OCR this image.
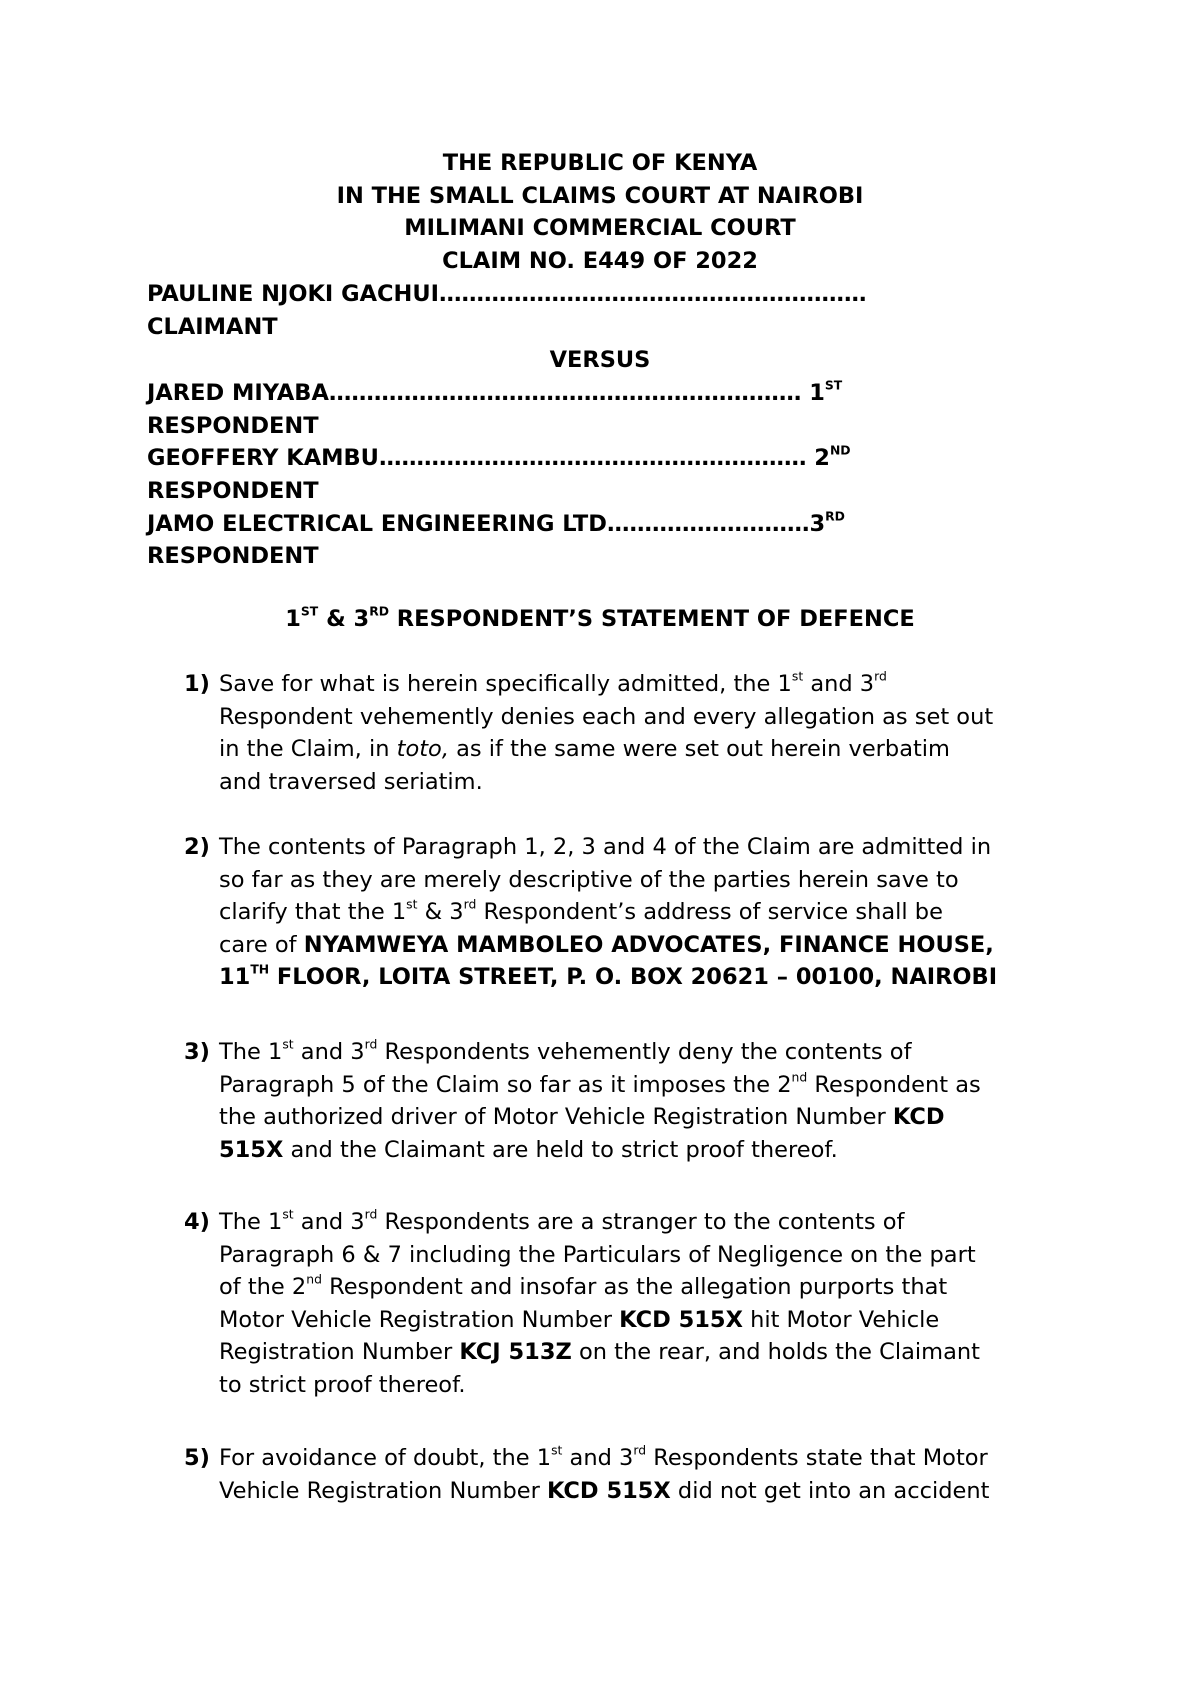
THE REPUBLIC OF KENYA
IN THE SMALL CLAIMS COURT AT NAIROBI
MILIMANI COMMERCIAL COURT
CLAIM NO. E449 OF 2022
PAULINE NJOKI GACHUI…………………………………………………
CLAIMANT
VERSUS
JARED MIYABA……………………………………………………… 1ST
RESPONDENT
GEOFFERY KAMBU………………………………………………… 2ND
RESPONDENT
JAMO ELECTRICAL ENGINEERING LTD………………………3RD
RESPONDENT
1ST & 3RD RESPONDENT’S STATEMENT OF DEFENCE
1) Save for what is herein specifically admitted, the 1st and 3rd
Respondent vehemently denies each and every allegation as set out
in the Claim, in toto, as if the same were set out herein verbatim
and traversed seriatim.
2) The contents of Paragraph 1, 2, 3 and 4 of the Claim are admitted in
so far as they are merely descriptive of the parties herein save to
clarify that the 1st & 3rd Respondent’s address of service shall be
care of NYAMWEYA MAMBOLEO ADVOCATES, FINANCE HOUSE,
11TH FLOOR, LOITA STREET, P. O. BOX 20621 – 00100, NAIROBI
3) The 1st and 3rd Respondents vehemently deny the contents of
Paragraph 5 of the Claim so far as it imposes the 2nd Respondent as
the authorized driver of Motor Vehicle Registration Number KCD
515X and the Claimant are held to strict proof thereof.
4) The 1st and 3rd Respondents are a stranger to the contents of
Paragraph 6 & 7 including the Particulars of Negligence on the part
of the 2nd Respondent and insofar as the allegation purports that
Motor Vehicle Registration Number KCD 515X hit Motor Vehicle
Registration Number KCJ 513Z on the rear, and holds the Claimant
to strict proof thereof.
5) For avoidance of doubt, the 1st and 3rd Respondents state that Motor
Vehicle Registration Number KCD 515X did not get into an accident
